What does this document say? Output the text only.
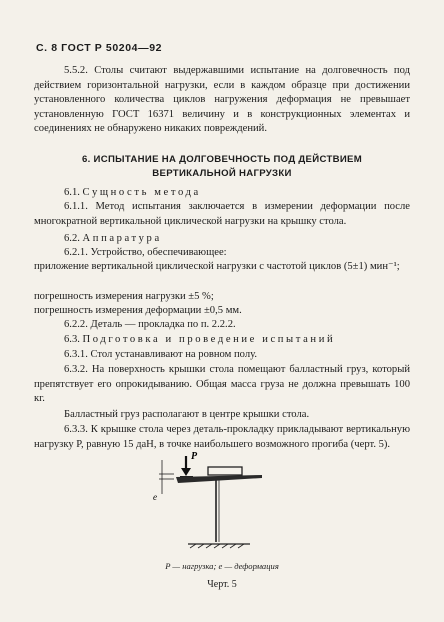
С. 8 ГОСТ Р 50204—92

5.5.2. Столы считают выдержавшими испытание на долговечность под действием горизонтальной нагрузки, если в каждом образце при достижении установленного количества циклов нагружения деформация не превышает установленную ГОСТ 16371 величину и в конструкционных элементах и соединениях не обнаружено никаких повреждений.

6. ИСПЫТАНИЕ НА ДОЛГОВЕЧНОСТЬ ПОД ДЕЙСТВИЕМ
ВЕРТИКАЛЬНОЙ НАГРУЗКИ

6.1. Сущность метода

6.1.1. Метод испытания заключается в измерении деформации после многократной вертикальной циклической нагрузки на крышку стола.

6.2. Аппаратура

6.2.1. Устройство, обеспечивающее:

приложение вертикальной циклической нагрузки с частотой циклов (5±1) мин⁻¹;

погрешность измерения нагрузки ±5 %;

погрешность измерения деформации ±0,5 мм.

6.2.2. Деталь — прокладка по п. 2.2.2.

6.3. Подготовка и проведение испытаний

6.3.1. Стол устанавливают на ровном полу.

6.3.2. На поверхность крышки стола помещают балластный груз, который препятствует его опрокидыванию. Общая масса груза не должна превышать 100 кг.

Балластный груз располагают в центре крышки стола.

6.3.3. К крышке стола через деталь-прокладку прикладывают вертикальную нагрузку P, равную 15 даН, в точке наибольшего возможного прогиба (черт. 5).

e
P
P — нагрузка; e — деформация
Черт. 5
